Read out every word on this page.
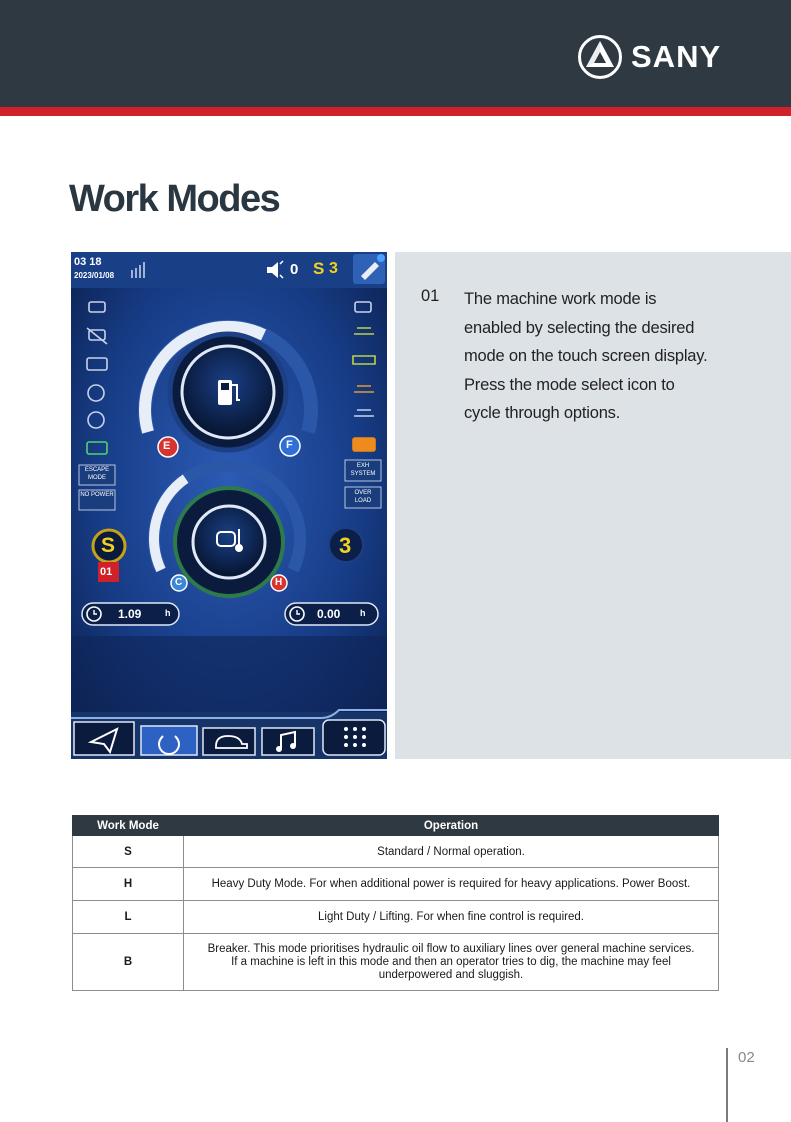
SANY
Work Modes
03 18
2023/01/08	0 S 3
ESCAPE MODE
NO POWER
EXH SYSTEM
OVER LOAD
E	F
C	H
S
01
3
1.09	h	0.00 h
01 The machine work mode is
enabled by selecting the desired
mode on the touch screen display.
Press the mode select icon to
cycle through options.
Work Mode	Operation
S	Standard / Normal operation.

H	Heavy Duty Mode. For when additional power is required for heavy applications. Power Boost.

L	Light Duty / Lifting. For when fine control is required.

B	Breaker. This mode prioritises hydraulic oil flow to auxiliary lines over general machine services.
If a machine is left in this mode and then an operator tries to dig, the machine may feel
underpowered and sluggish.
02
